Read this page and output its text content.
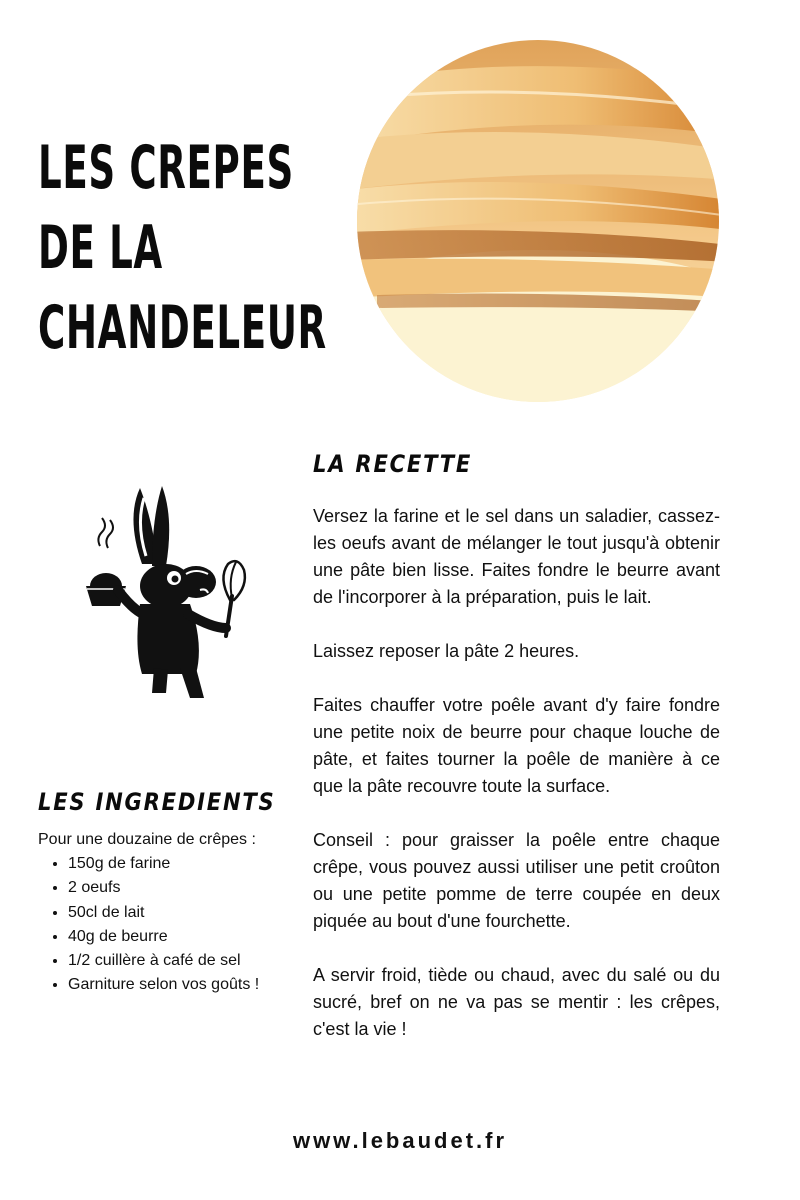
LES CREPES
DE LA
CHANDELEUR
LA RECETTE

Versez la farine et le sel dans un saladier, cassez- les oeufs avant de mélanger le tout jusqu'à obtenir une pâte bien lisse. Faites fondre le beurre avant de l'incorporer à la préparation, puis le lait.

Laissez reposer la pâte 2 heures.

Faites chauffer votre poêle avant d'y faire fondre une petite noix de beurre pour chaque louche de pâte, et faites tourner la poêle de manière à ce que la pâte recouvre toute la surface.

Conseil : pour graisser la poêle entre chaque crêpe, vous pouvez aussi utiliser une petit croûton ou une petite pomme de terre coupée en deux piquée au bout d'une fourchette.

A servir froid, tiède ou chaud, avec du salé ou du sucré, bref on ne va pas se mentir : les crêpes, c'est la vie !

LES INGREDIENTS

Pour une douzaine de crêpes :

• 150g de farine
• 2 oeufs
• 50cl de lait
• 40g de beurre
• 1/2 cuillère à café de sel
• Garniture selon vos goûts !
www.lebaudet.fr
